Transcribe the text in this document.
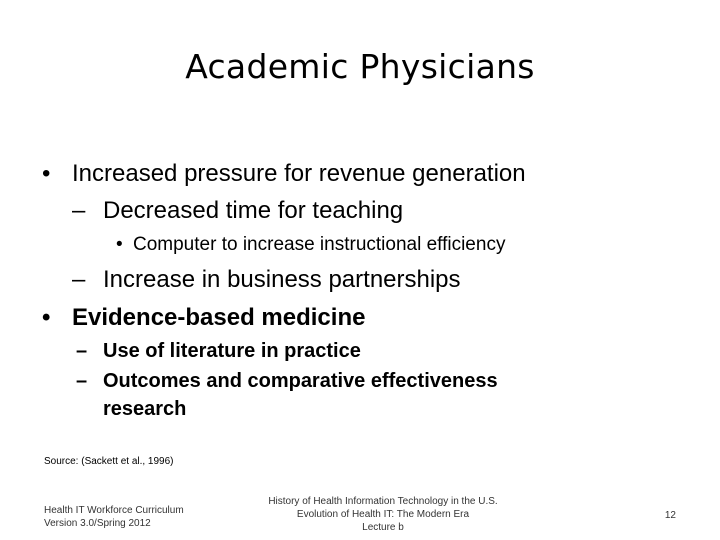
Academic Physicians
• Increased pressure for revenue generation
– Decreased time for teaching
• Computer to increase instructional efficiency
– Increase in business partnerships
• Evidence-based medicine
– Use of literature in practice
– Outcomes and comparative effectiveness
research
Source: (Sackett et al., 1996)
Health IT Workforce Curriculum
Version 3.0/Spring 2012
History of Health Information Technology in the U.S.
Evolution of Health IT: The Modern Era
Lecture b
12
